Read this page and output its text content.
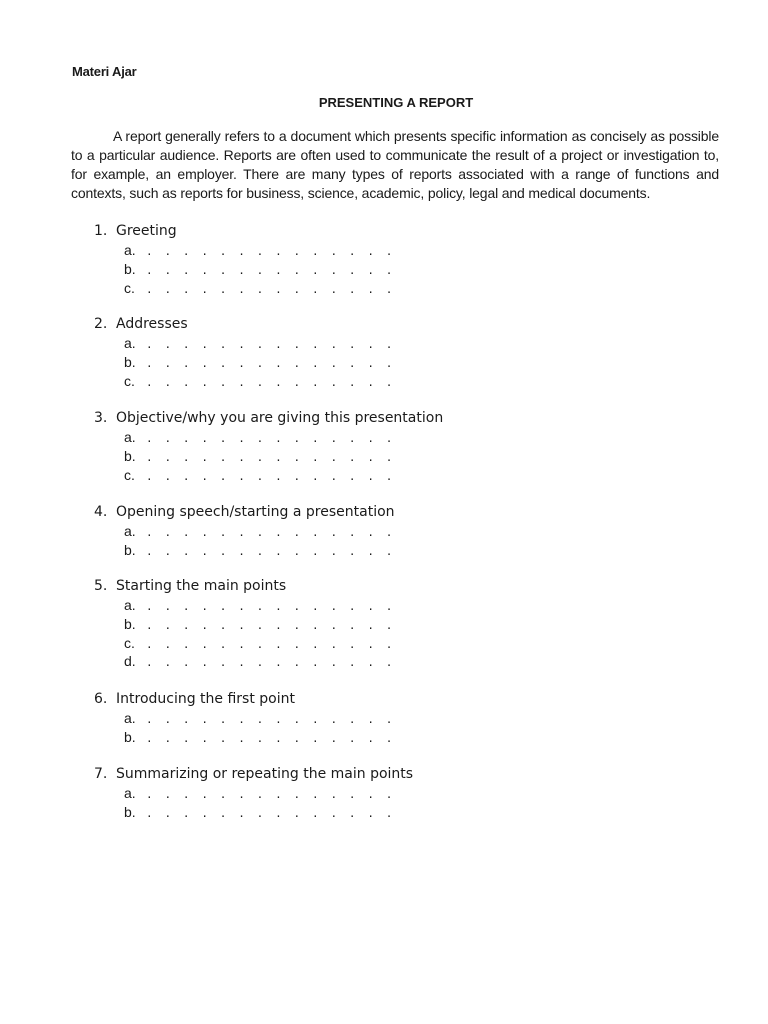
Materi Ajar
PRESENTING A REPORT

A report generally refers to a document which presents specific information as concisely as possible to a particular audience. Reports are often used to communicate the result of a project or investigation to, for example, an employer. There are many types of reports associated with a range of functions and contexts, such as reports for business, science, academic, policy, legal and medical documents.

1. Greeting
a. . . . . . . . . . . . . . .
b. . . . . . . . . . . . . . .
c. . . . . . . . . . . . . . .
2. Addresses
a. . . . . . . . . . . . . . .
b. . . . . . . . . . . . . . .
c. . . . . . . . . . . . . . .
3. Objective/why you are giving this presentation
a. . . . . . . . . . . . . . .
b. . . . . . . . . . . . . . .
c. . . . . . . . . . . . . . .
4. Opening speech/starting a presentation
a. . . . . . . . . . . . . . .
b. . . . . . . . . . . . . . .
5. Starting the main points
a. . . . . . . . . . . . . . .
b. . . . . . . . . . . . . . .
c. . . . . . . . . . . . . . .
d. . . . . . . . . . . . . . .
6. Introducing the first point
a. . . . . . . . . . . . . . .
b. . . . . . . . . . . . . . .
7. Summarizing or repeating the main points
a. . . . . . . . . . . . . . .
b. . . . . . . . . . . . . . .
